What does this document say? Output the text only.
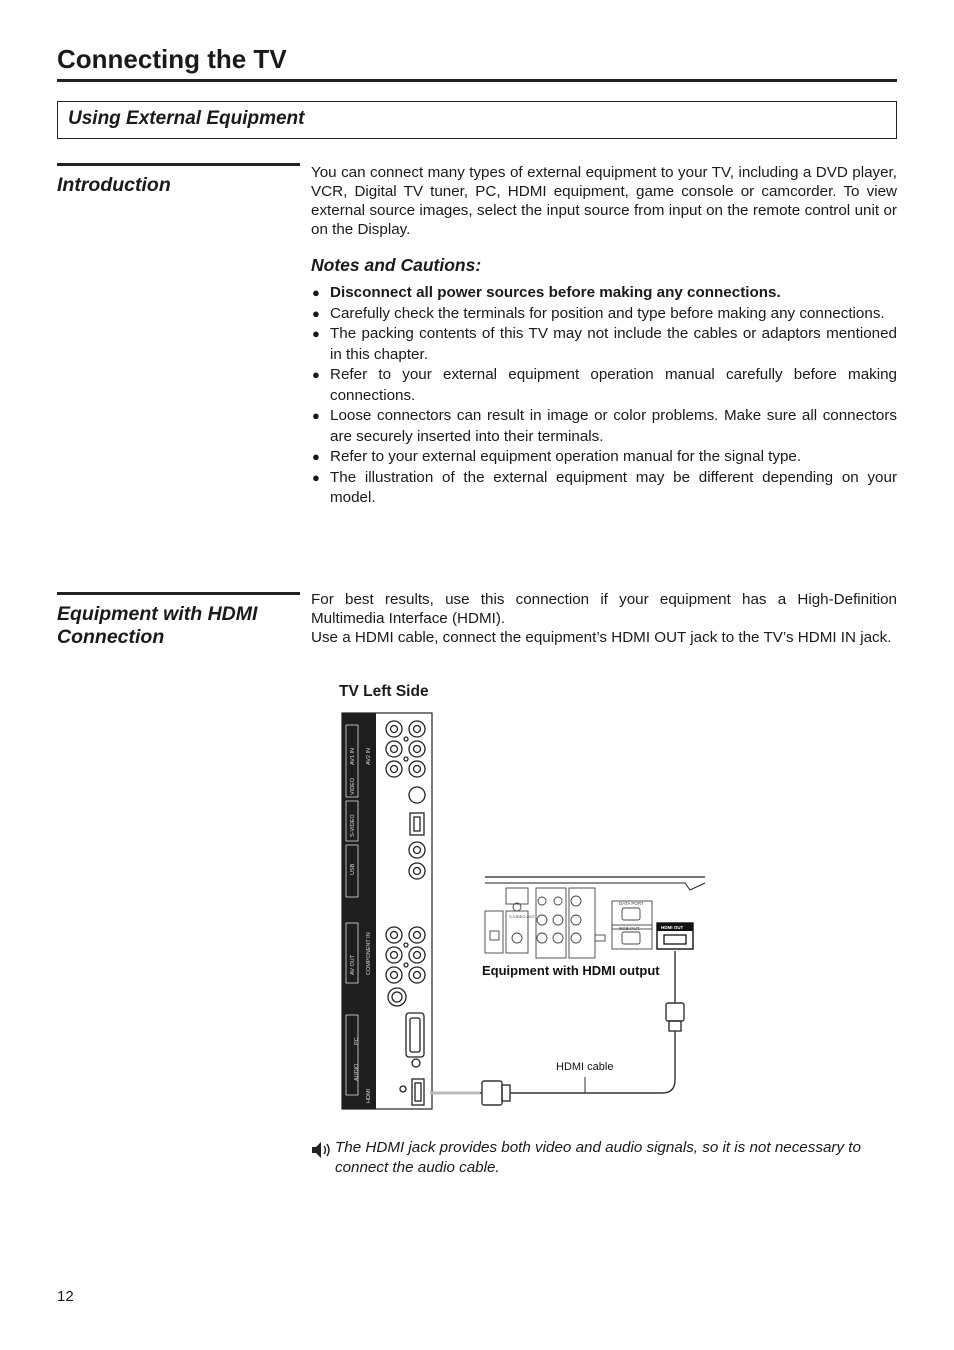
Connecting the TV
Using External Equipment
Introduction

You can connect many types of external equipment to your TV, including a DVD player, VCR, Digital TV tuner, PC, HDMI equipment, game console or camcorder. To view external source images, select the input source from input on the remote control unit or on the Display.

Notes and Cautions:
● Disconnect all power sources before making any connections.
● Carefully check the terminals for position and type before making any connections.
● The packing contents of this TV may not include the cables or adaptors mentioned in this chapter.
● Refer to your external equipment operation manual carefully before making connections.
● Loose connectors can result in image or color problems. Make sure all connectors are securely inserted into their terminals.
● Refer to your external equipment operation manual for the signal type.
● The illustration of the external equipment may be different depending on your model.
Equipment with HDMI
Connection

For best results, use this connection if your equipment has a High-Definition Multimedia Interface (HDMI).

Use a HDMI cable, connect the equipment’s HDMI OUT jack to the TV’s HDMI IN jack.

TV Left Side
AV1 IN AV2 IN
VIDEO
S-VIDEO
USB
COMPONENT IN
AV OUT
PC
AUDIO
HDMI
DATA PORT
RGB OUT
S-VIDEO OUT
HDMI OUT
Equipment with HDMI output
HDMI cable

The HDMI jack provides both video and audio signals, so it is not necessary to connect the audio cable.

12
